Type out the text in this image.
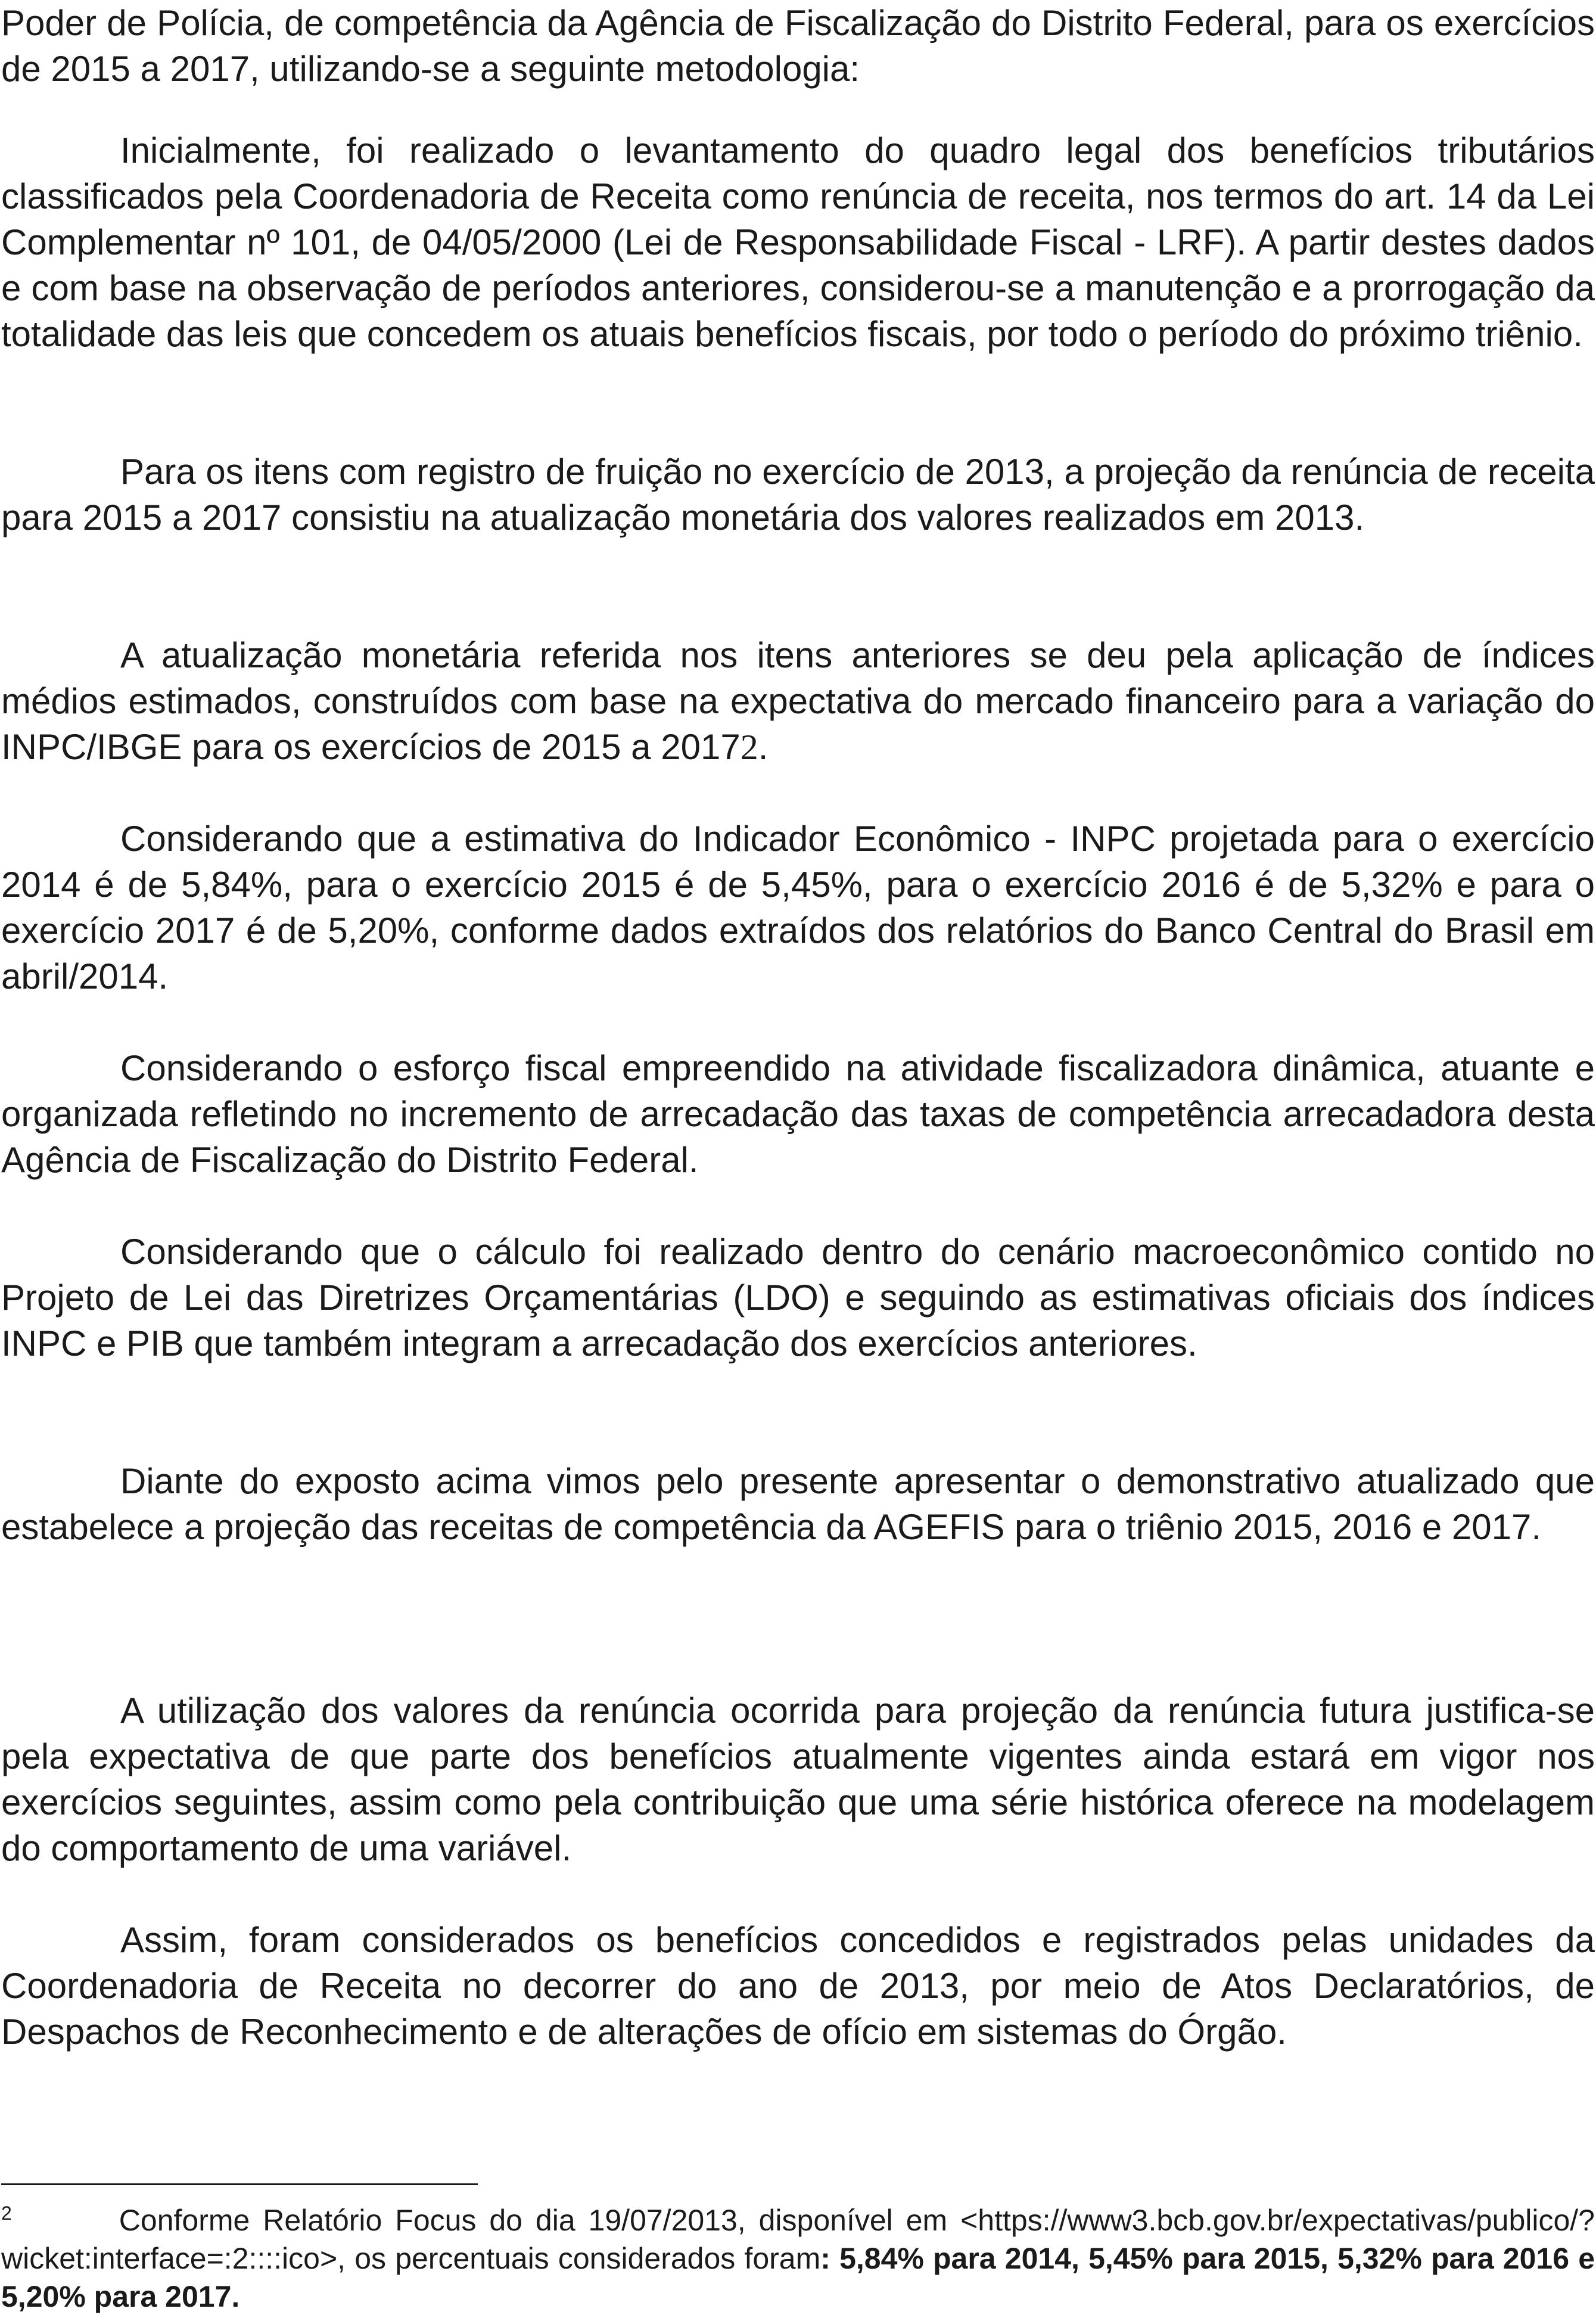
Poder de Polícia, de competência da Agência de Fiscalização do Distrito Federal, para os exercícios de 2015 a 2017, utilizando-se a seguinte metodologia:

Inicialmente, foi realizado o levantamento do quadro legal dos benefícios tributários classificados pela Coordenadoria de Receita como renúncia de receita, nos termos do art. 14 da Lei Complementar nº 101, de 04/05/2000 (Lei de Responsabilidade Fiscal - LRF). A partir destes dados e com base na observação de períodos anteriores, considerou-se a manutenção e a prorrogação da totalidade das leis que concedem os atuais benefícios fiscais, por todo o período do próximo triênio.

Para os itens com registro de fruição no exercício de 2013, a projeção da renúncia de receita para 2015 a 2017 consistiu na atualização monetária dos valores realizados em 2013.

A atualização monetária referida nos itens anteriores se deu pela aplicação de índices médios estimados, construídos com base na expectativa do mercado financeiro para a variação do INPC/IBGE para os exercícios de 2015 a 20172.

Considerando que a estimativa do Indicador Econômico - INPC projetada para o exercício 2014 é de 5,84%, para o exercício 2015 é de 5,45%, para o exercício 2016 é de 5,32% e para o exercício 2017 é de 5,20%, conforme dados extraídos dos relatórios do Banco Central do Brasil em abril/2014.

Considerando o esforço fiscal empreendido na atividade fiscalizadora dinâmica, atuante e organizada refletindo no incremento de arrecadação das taxas de competência arrecadadora desta Agência de Fiscalização do Distrito Federal.

Considerando que o cálculo foi realizado dentro do cenário macroeconômico contido no Projeto de Lei das Diretrizes Orçamentárias (LDO) e seguindo as estimativas oficiais dos índices INPC e PIB que também integram a arrecadação dos exercícios anteriores.

Diante do exposto acima vimos pelo presente apresentar o demonstrativo atualizado que estabelece a projeção das receitas de competência da AGEFIS para o triênio 2015, 2016 e 2017.

A utilização dos valores da renúncia ocorrida para projeção da renúncia futura justifica-se pela expectativa de que parte dos benefícios atualmente vigentes ainda estará em vigor nos exercícios seguintes, assim como pela contribuição que uma série histórica oferece na modelagem do comportamento de uma variável.

Assim, foram considerados os benefícios concedidos e registrados pelas unidades da Coordenadoria de Receita no decorrer do ano de 2013, por meio de Atos Declaratórios, de Despachos de Reconhecimento e de alterações de ofício em sistemas do Órgão.

$^2$	Conforme Relatório Focus do dia 19/07/2013, disponível em <https://www3.bcb.gov.br/expectativas/publico/?wicket:interface=:2::::ico>, os percentuais considerados foram: 5,84% para 2014, 5,45% para 2015, 5,32% para 2016 e 5,20% para 2017.
